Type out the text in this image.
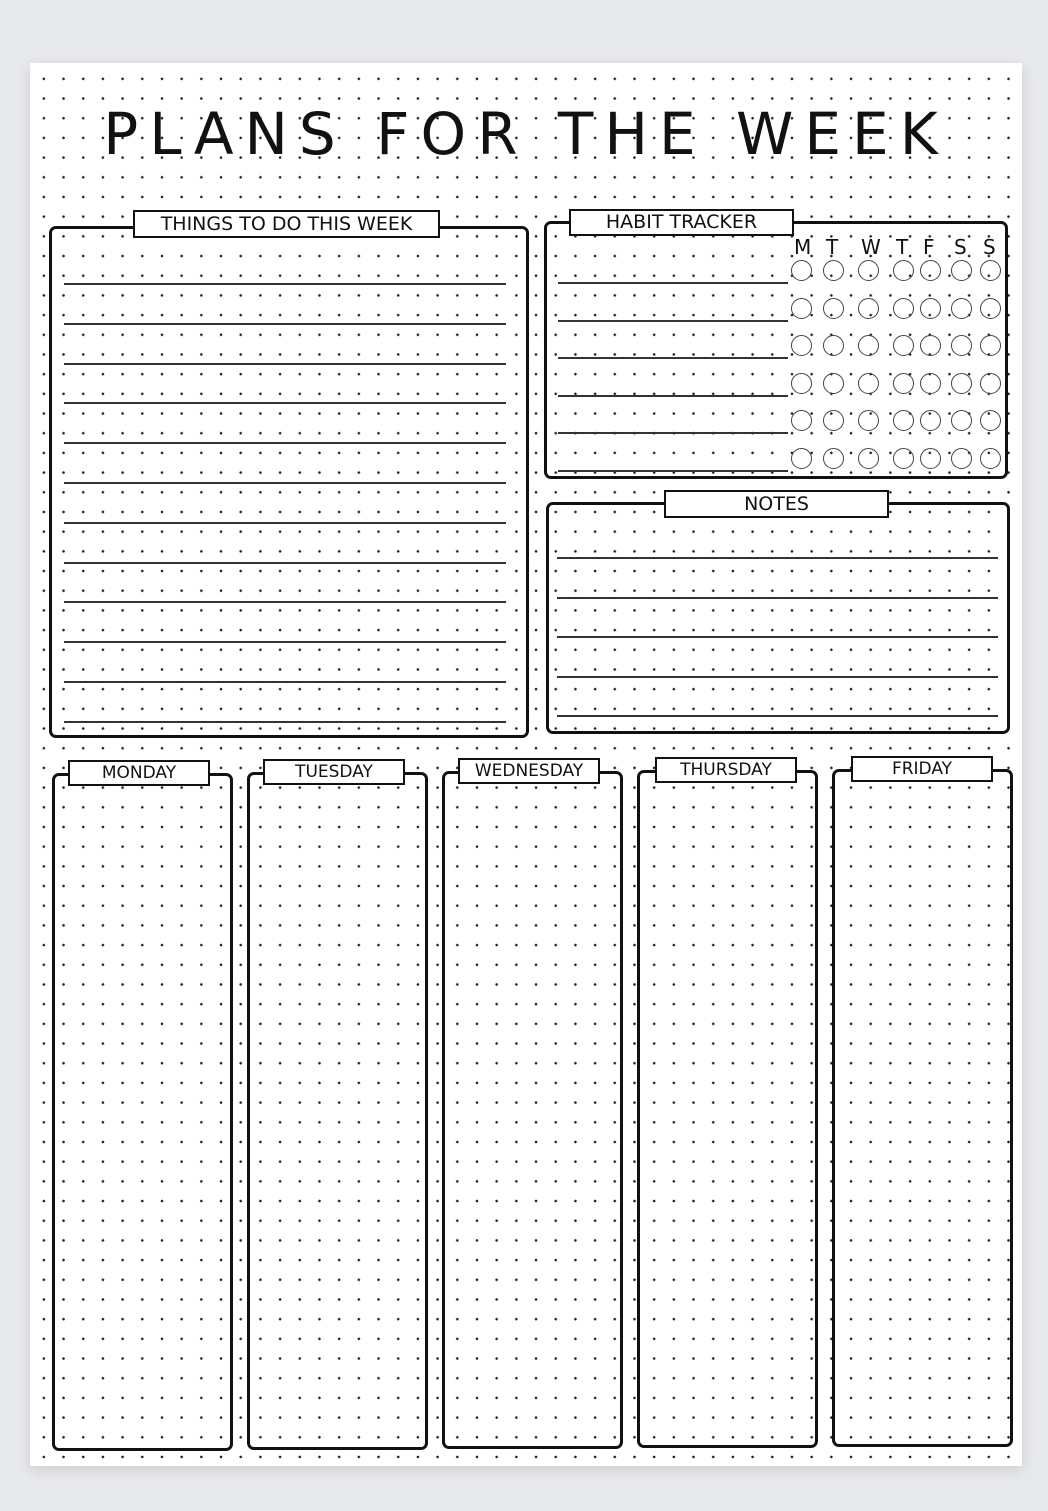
PLANS FOR THE WEEK
THINGS TO DO THIS WEEK	HABIT TRACKER
NOTES
MONDAY	TUESDAY	WEDNESDAY	THURSDAY	FRIDAY
M T W T F S S
